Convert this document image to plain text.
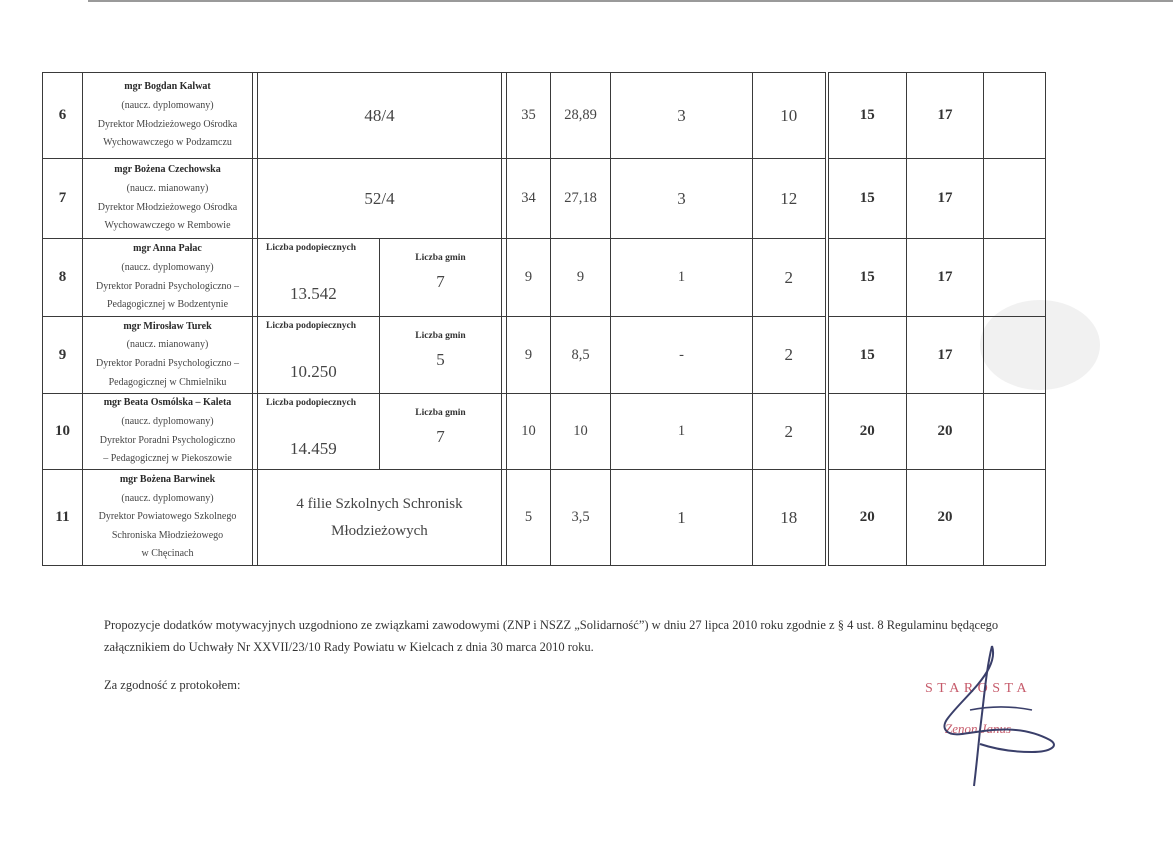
6	mgr Bogdan Kalwat
(naucz. dyplomowany)
Dyrektor Młodzieżowego Ośrodka
Wychowawczego w Podzamczu		48/4			35	28,89	3	10	15	17	
7	mgr Bożena Czechowska
(naucz. mianowany)
Dyrektor Młodzieżowego Ośrodka
Wychowawczego w Rembowie		52/4			34	27,18	3	12	15	17	
8	mgr Anna Pałac
(naucz. dyplomowany)
Dyrektor Poradni Psychologiczno –
Pedagogicznej w Bodzentynie		Liczba podopiecznych
13.542	Liczba gmin
7		9	9	1	2	15	17	
9	mgr Mirosław Turek
(naucz. mianowany)
Dyrektor Poradni Psychologiczno –
Pedagogicznej w Chmielniku		Liczba podopiecznych
10.250	Liczba gmin
5		9	8,5	-	2	15	17	
10	mgr Beata Osmólska – Kaleta
(naucz. dyplomowany)
Dyrektor Poradni Psychologiczno
– Pedagogicznej w Piekoszowie		Liczba podopiecznych
14.459	Liczba gmin
7		10	10	1	2	20	20	
11	mgr Bożena Barwinek
(naucz. dyplomowany)
Dyrektor Powiatowego Szkolnego
Schroniska Młodzieżowego
w Chęcinach		4 filie Szkolnych Schronisk
Młodzieżowych			5	3,5	1	18	20	20	
Propozycje dodatków motywacyjnych uzgodniono ze związkami zawodowymi (ZNP i NSZZ „Solidarność”) w dniu 27 lipca 2010 roku zgodnie z § 4 ust. 8 Regulaminu będącego załącznikiem do Uchwały Nr XXVII/23/10 Rady Powiatu w Kielcach z dnia 30 marca 2010 roku.
Za zgodność z protokołem:	STAROSTA
Zenon Janus
